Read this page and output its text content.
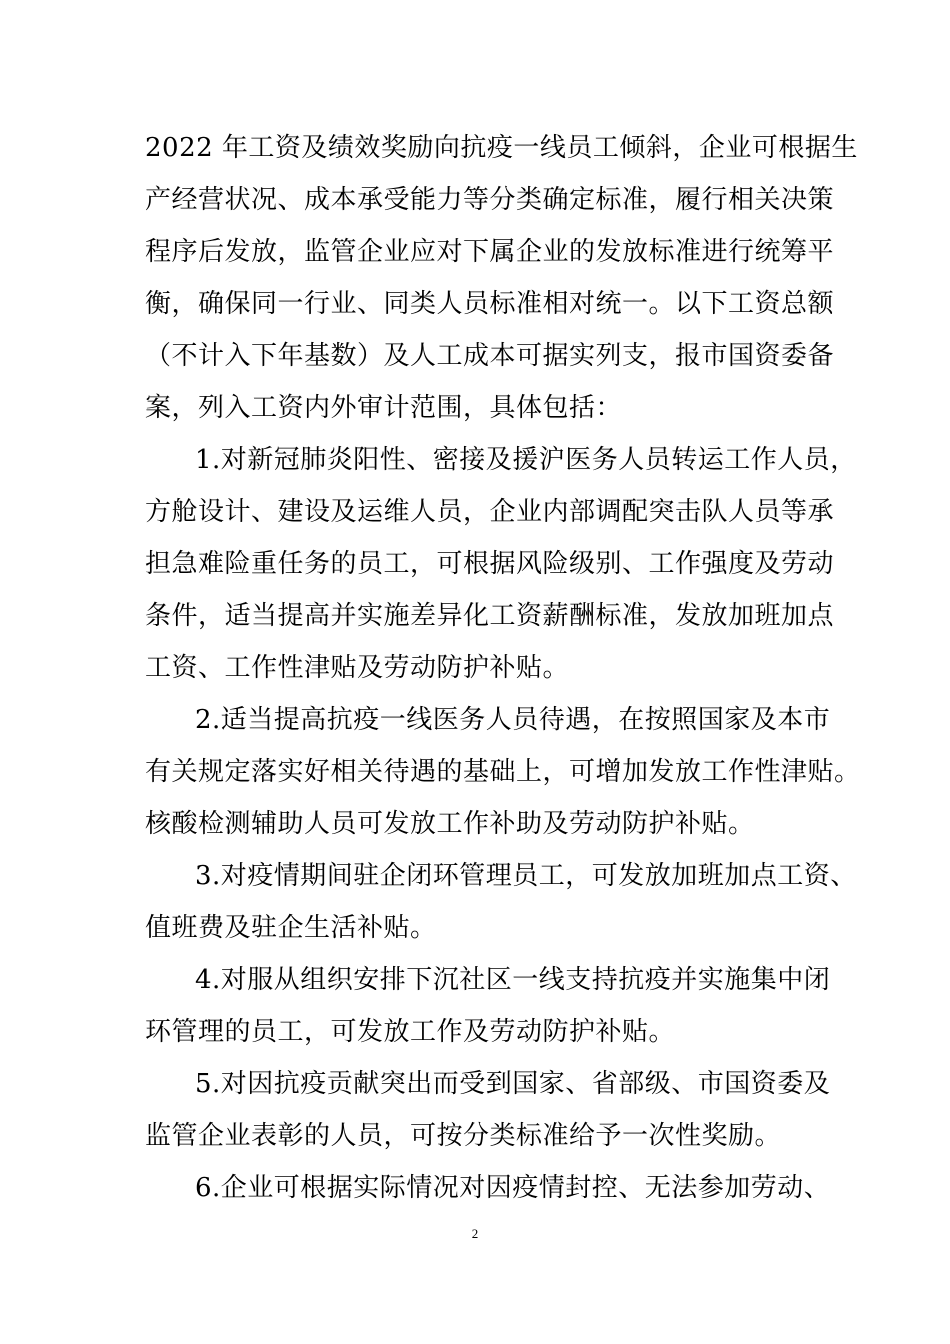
2022 年工资及绩效奖励向抗疫一线员工倾斜，企业可根据生
产经营状况、成本承受能力等分类确定标准，履行相关决策
程序后发放，监管企业应对下属企业的发放标准进行统筹平
衡，确保同一行业、同类人员标准相对统一。以下工资总额
（不计入下年基数）及人工成本可据实列支，报市国资委备
案，列入工资内外审计范围，具体包括：
1.对新冠肺炎阳性、密接及援沪医务人员转运工作人员，
方舱设计、建设及运维人员，企业内部调配突击队人员等承
担急难险重任务的员工，可根据风险级别、工作强度及劳动
条件，适当提高并实施差异化工资薪酬标准，发放加班加点
工资、工作性津贴及劳动防护补贴。
2.适当提高抗疫一线医务人员待遇，在按照国家及本市
有关规定落实好相关待遇的基础上，可增加发放工作性津贴。
核酸检测辅助人员可发放工作补助及劳动防护补贴。
3.对疫情期间驻企闭环管理员工，可发放加班加点工资、
值班费及驻企生活补贴。
4.对服从组织安排下沉社区一线支持抗疫并实施集中闭
环管理的员工，可发放工作及劳动防护补贴。
5.对因抗疫贡献突出而受到国家、省部级、市国资委及
监管企业表彰的人员，可按分类标准给予一次性奖励。
6.企业可根据实际情况对因疫情封控、无法参加劳动、
2
